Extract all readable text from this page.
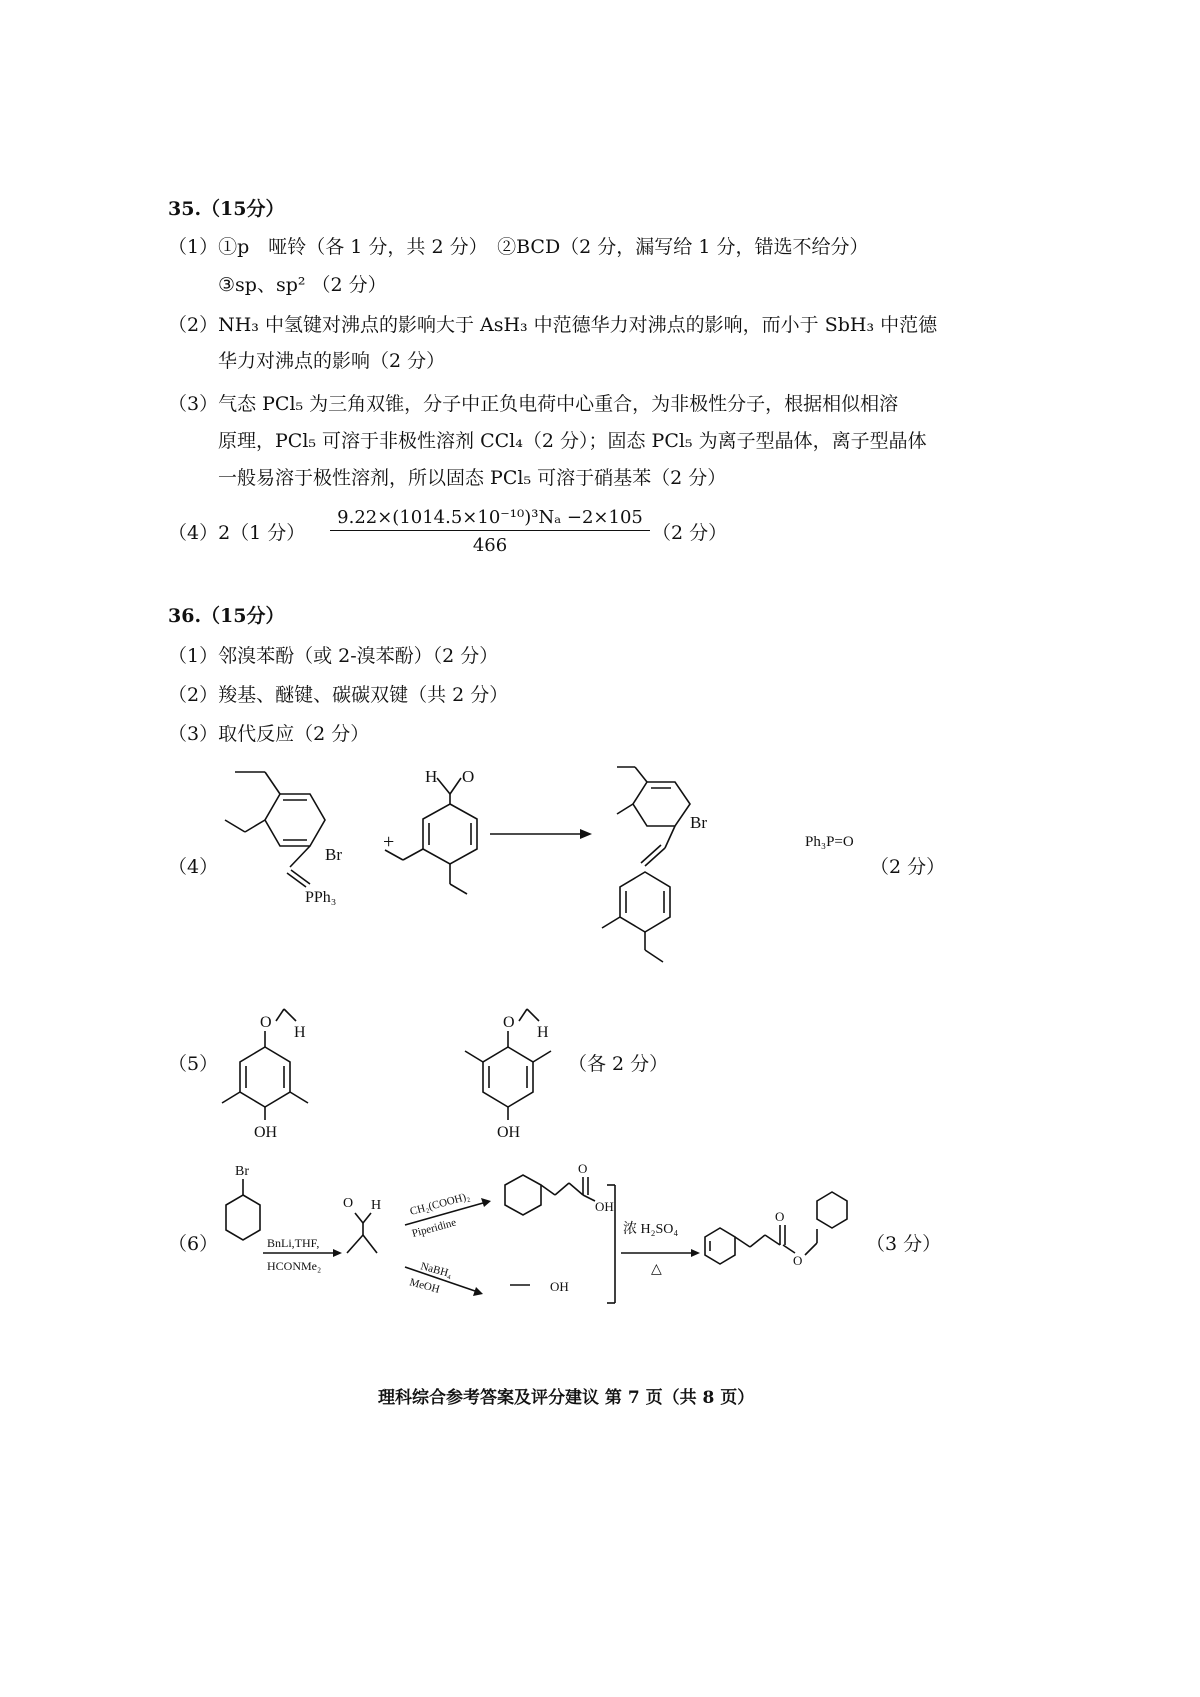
35.（15分）
（1）①p　哑铃（各 1 分，共 2 分）　②BCD（2 分，漏写给 1 分，错选不给分）
③sp、sp² （2 分）
（2）NH₃ 中氢键对沸点的影响大于 AsH₃ 中范德华力对沸点的影响，而小于 SbH₃ 中范德
华力对沸点的影响（2 分）
（3）气态 PCl₅ 为三角双锥，分子中正负电荷中心重合，为非极性分子，根据相似相溶
原理，PCl₅ 可溶于非极性溶剂 CCl₄（2 分）；固态 PCl₅ 为离子型晶体，离子型晶体
一般易溶于极性溶剂，所以固态 PCl₅ 可溶于硝基苯（2 分）
（4）2（1 分） $\frac{\text{9.22×(1014.5×10⁻¹⁰)³Nₐ −2×105}}{466} (2$ 分）
36.（15分）
（1）邻溴苯酚（或 2-溴苯酚）（2 分）
（2）羧基、醚键、碳碳双键（共 2 分）
（3）取代反应（2 分）
（4）
Br
PPh₃
+
H O
Br
Ph₃P=O
（2 分）
（5）
O
H
OH
O
H
OH
（各 2 分）
（6）
Br
BnLi,THF,
HCONMe₂
O H	CH₂(COOH)₂
Piperidine
O
OH
NaBH₄
MeOH	OH
浓 H₂SO₄
△
O
O
（3 分）
理科综合参考答案及评分建议 第 7 页（共 8 页）
